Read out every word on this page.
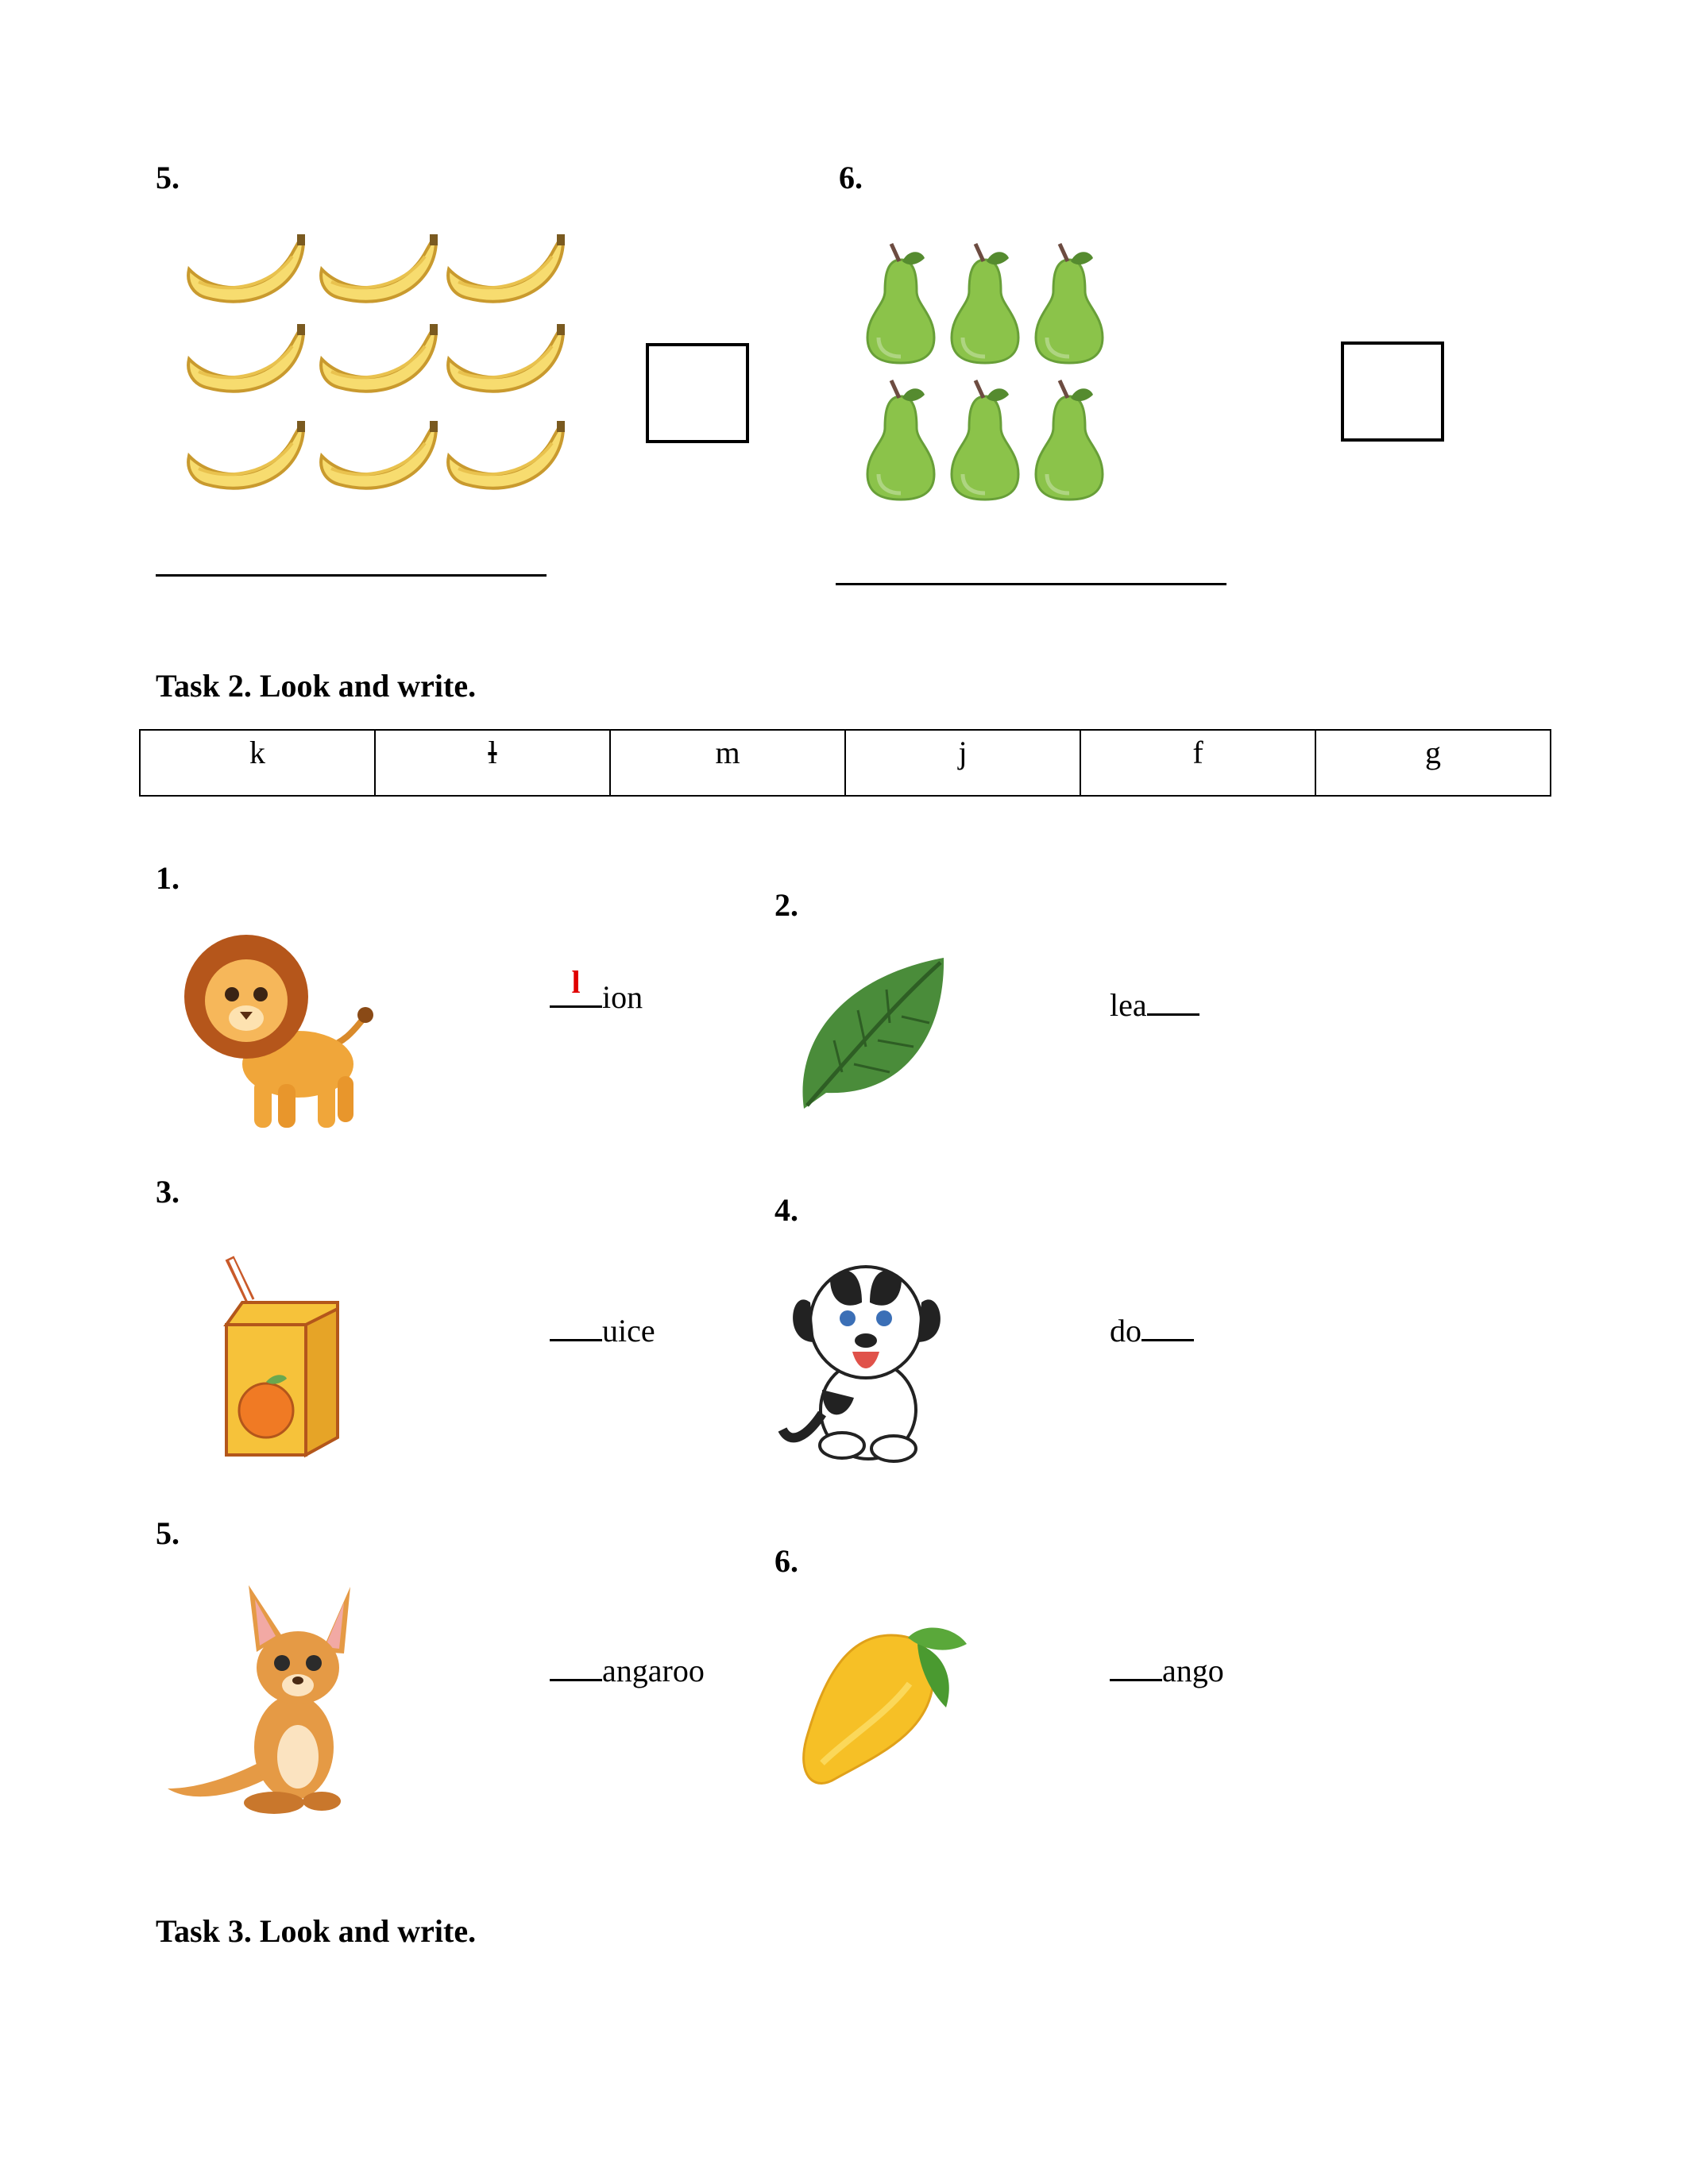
5.	6.
Task 2. Look and write.
k	l	m	j	f	g
1.
l ion
2.
lea
3.
uice
4.
do
5.
angaroo
6.
ango
Task 3. Look and write.
